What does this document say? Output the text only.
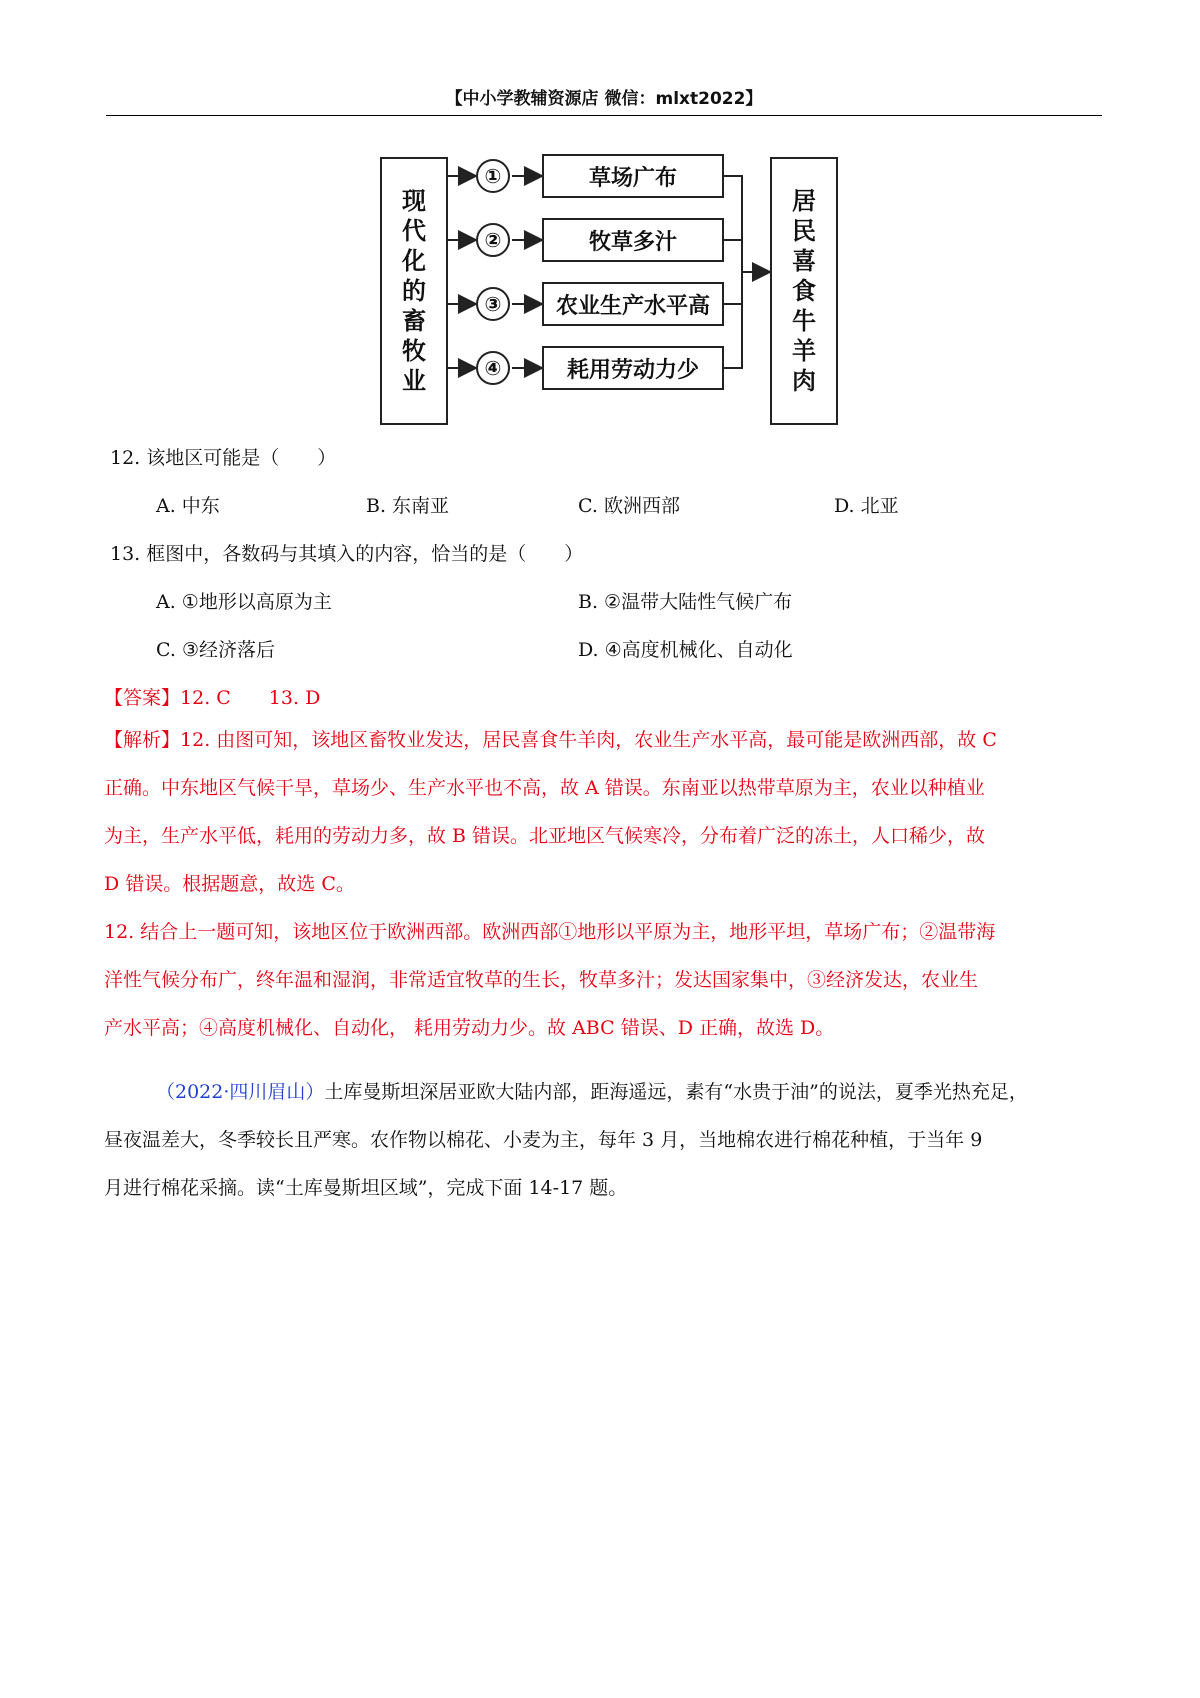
【中小学教辅资源店 微信：mlxt2022】
现代化的畜牧业
①
②
③
④
草场广布
牧草多汁
农业生产水平高
耗用劳动力少
居民喜食牛羊肉
12. 该地区可能是（　　）
A. 中东	B. 东南亚	C. 欧洲西部	D. 北亚
13. 框图中，各数码与其填入的内容，恰当的是（　　）
A. ①地形以高原为主	B. ②温带大陆性气候广布
C. ③经济落后	D. ④高度机械化、自动化
【答案】12. C　　13. D
【解析】12. 由图可知，该地区畜牧业发达，居民喜食牛羊肉，农业生产水平高，最可能是欧洲西部，故 C
正确。中东地区气候干旱，草场少、生产水平也不高，故 A 错误。东南亚以热带草原为主，农业以种植业
为主，生产水平低，耗用的劳动力多，故 B 错误。北亚地区气候寒冷，分布着广泛的冻土，人口稀少，故
D 错误。根据题意，故选 C。
12. 结合上一题可知，该地区位于欧洲西部。欧洲西部①地形以平原为主，地形平坦，草场广布；②温带海
洋性气候分布广，终年温和湿润，非常适宜牧草的生长，牧草多汁；发达国家集中，③经济发达，农业生
产水平高；④高度机械化、自动化， 耗用劳动力少。故 ABC 错误、D 正确，故选 D。
（2022·四川眉山）土库曼斯坦深居亚欧大陆内部，距海遥远，素有“水贵于油”的说法，夏季光热充足，
昼夜温差大，冬季较长且严寒。农作物以棉花、小麦为主，每年 3 月，当地棉农进行棉花种植，于当年 9
月进行棉花采摘。读“土库曼斯坦区域”，完成下面 14-17 题。
